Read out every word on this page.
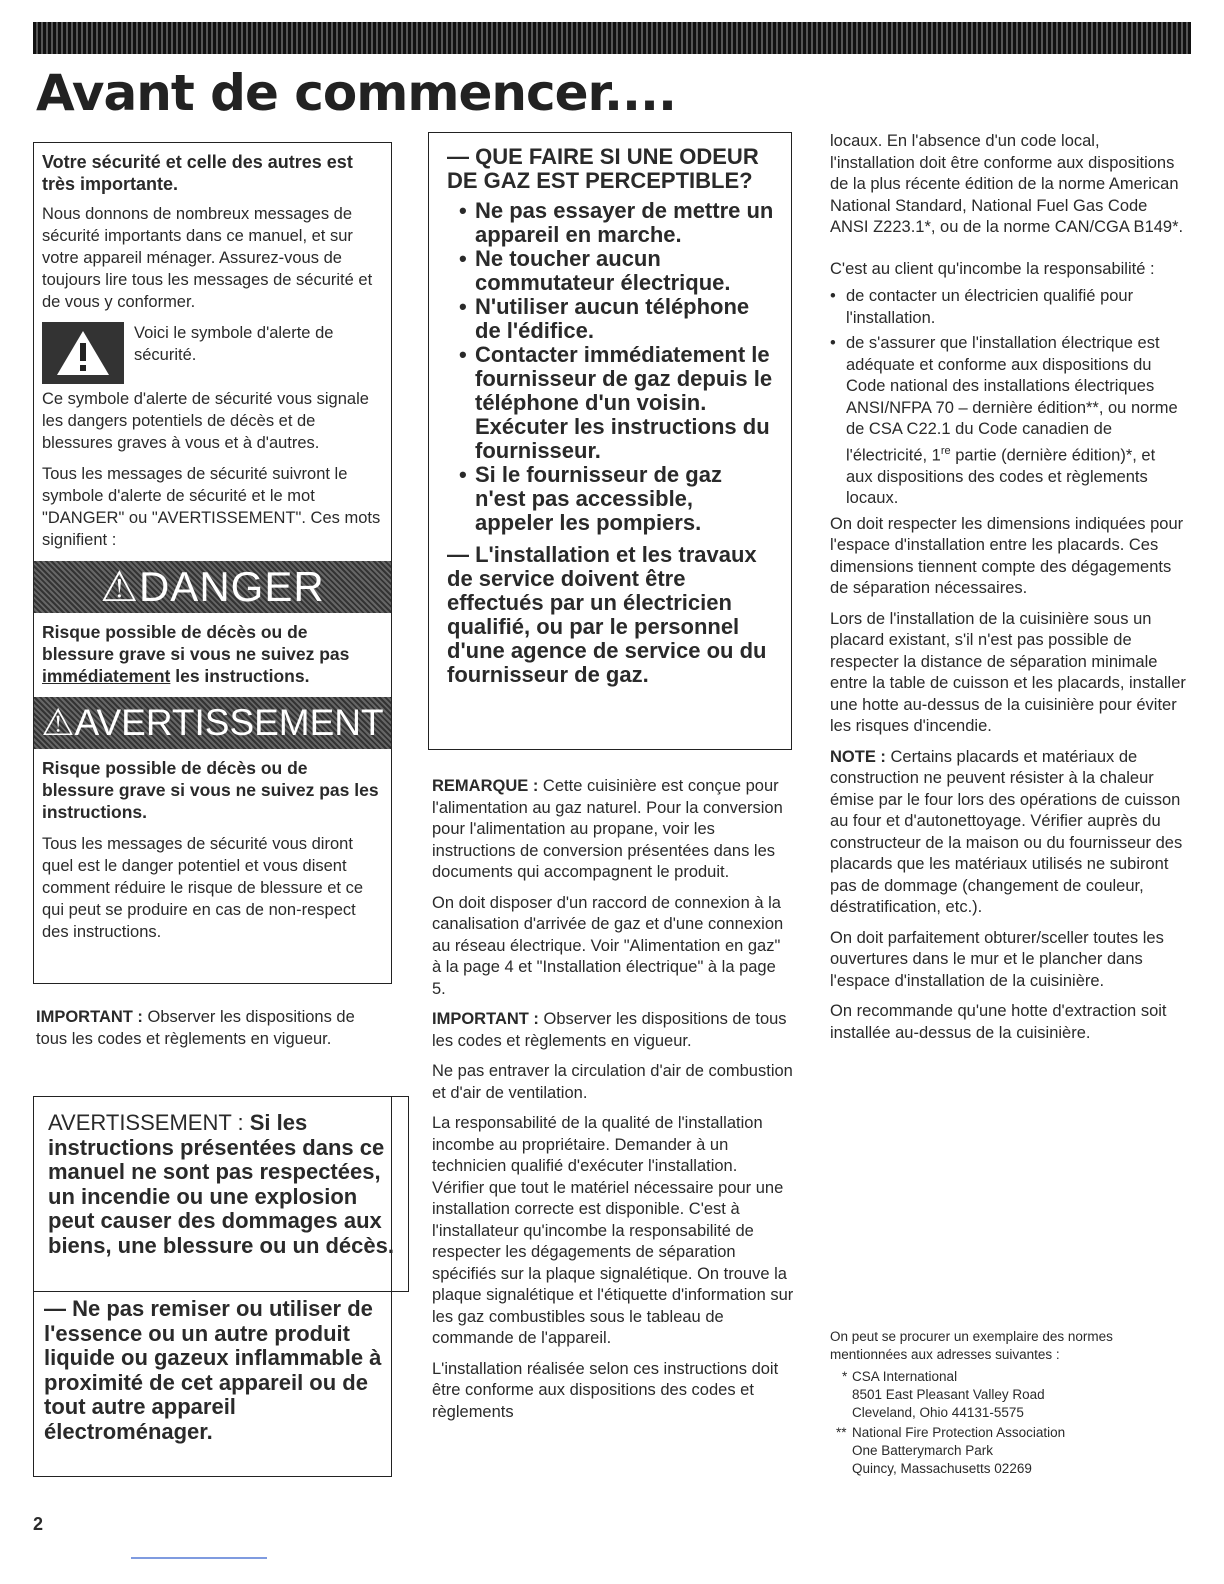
Avant de commencer....
Votre sécurité et celle des autres est très importante.

Nous donnons de nombreux messages de sécurité importants dans ce manuel, et sur votre appareil ménager. Assurez-vous de toujours lire tous les messages de sécurité et de vous y conformer.

Voici le symbole d'alerte de sécurité.

Ce symbole d'alerte de sécurité vous signale les dangers potentiels de décès et de blessures graves à vous et à d'autres.

Tous les messages de sécurité suivront le symbole d'alerte de sécurité et le mot "DANGER" ou "AVERTISSEMENT". Ces mots signifient :

⚠DANGER
Risque possible de décès ou de blessure grave si vous ne suivez pas immédiatement les instructions.
⚠AVERTISSEMENT
Risque possible de décès ou de blessure grave si vous ne suivez pas les instructions.
Tous les messages de sécurité vous diront quel est le danger potentiel et vous disent comment réduire le risque de blessure et ce qui peut se produire en cas de non-respect des instructions.
IMPORTANT : Observer les dispositions de tous les codes et règlements en vigueur.
AVERTISSEMENT : Si les instructions présentées dans ce manuel ne sont pas respectées, un incendie ou une explosion peut causer des dommages aux biens, une blessure ou un décès.
— Ne pas remiser ou utiliser de l'essence ou un autre produit liquide ou gazeux inflammable à proximité de cet appareil ou de tout autre appareil électroménager.
— QUE FAIRE SI UNE ODEUR DE GAZ EST PERCEPTIBLE?
• Ne pas essayer de mettre un appareil en marche.
• Ne toucher aucun commutateur électrique.
• N'utiliser aucun téléphone de l'édifice.
• Contacter immédiatement le fournisseur de gaz depuis le téléphone d'un voisin. Exécuter les instructions du fournisseur.
• Si le fournisseur de gaz n'est pas accessible, appeler les pompiers.
— L'installation et les travaux de service doivent être effectués par un électricien qualifié, ou par le personnel d'une agence de service ou du fournisseur de gaz.

REMARQUE : Cette cuisinière est conçue pour l'alimentation au gaz naturel. Pour la conversion pour l'alimentation au propane, voir les instructions de conversion présentées dans les documents qui accompagnent le produit.

On doit disposer d'un raccord de connexion à la canalisation d'arrivée de gaz et d'une connexion au réseau électrique. Voir "Alimentation en gaz" à la page 4 et "Installation électrique" à la page 5.

IMPORTANT : Observer les dispositions de tous les codes et règlements en vigueur.

Ne pas entraver la circulation d'air de combustion et d'air de ventilation.

La responsabilité de la qualité de l'installation incombe au propriétaire. Demander à un technicien qualifié d'exécuter l'installation. Vérifier que tout le matériel nécessaire pour une installation correcte est disponible. C'est à l'installateur qu'incombe la responsabilité de respecter les dégagements de séparation spécifiés sur la plaque signalétique. On trouve la plaque signalétique et l'étiquette d'information sur les gaz combustibles sous le tableau de commande de l'appareil.

L'installation réalisée selon ces instructions doit être conforme aux dispositions des codes et règlements

locaux. En l'absence d'un code local, l'installation doit être conforme aux dispositions de la plus récente édition de la norme American National Standard, National Fuel Gas Code ANSI Z223.1*, ou de la norme CAN/CGA B149*.

C'est au client qu'incombe la responsabilité :

• de contacter un électricien qualifié pour l'installation.
• de s'assurer que l'installation électrique est adéquate et conforme aux dispositions du Code national des installations électriques ANSI/NFPA 70 – dernière édition**, ou norme de CSA C22.1 du Code canadien de l'électricité, 1re partie (dernière édition)*, et aux dispositions des codes et règlements locaux.

On doit respecter les dimensions indiquées pour l'espace d'installation entre les placards. Ces dimensions tiennent compte des dégagements de séparation nécessaires.

Lors de l'installation de la cuisinière sous un placard existant, s'il n'est pas possible de respecter la distance de séparation minimale entre la table de cuisson et les placards, installer une hotte au-dessus de la cuisinière pour éviter les risques d'incendie.

NOTE : Certains placards et matériaux de construction ne peuvent résister à la chaleur émise par le four lors des opérations de cuisson au four et d'autonettoyage. Vérifier auprès du constructeur de la maison ou du fournisseur des placards que les matériaux utilisés ne subiront pas de dommage (changement de couleur, déstratification, etc.).

On doit parfaitement obturer/sceller toutes les ouvertures dans le mur et le plancher dans l'espace d'installation de la cuisinière.

On recommande qu'une hotte d'extraction soit installée au-dessus de la cuisinière.

On peut se procurer un exemplaire des normes mentionnées aux adresses suivantes :
* CSA International
8501 East Pleasant Valley Road
Cleveland, Ohio 44131-5575
** National Fire Protection Association
One Batterymarch Park
Quincy, Massachusetts 02269
2
